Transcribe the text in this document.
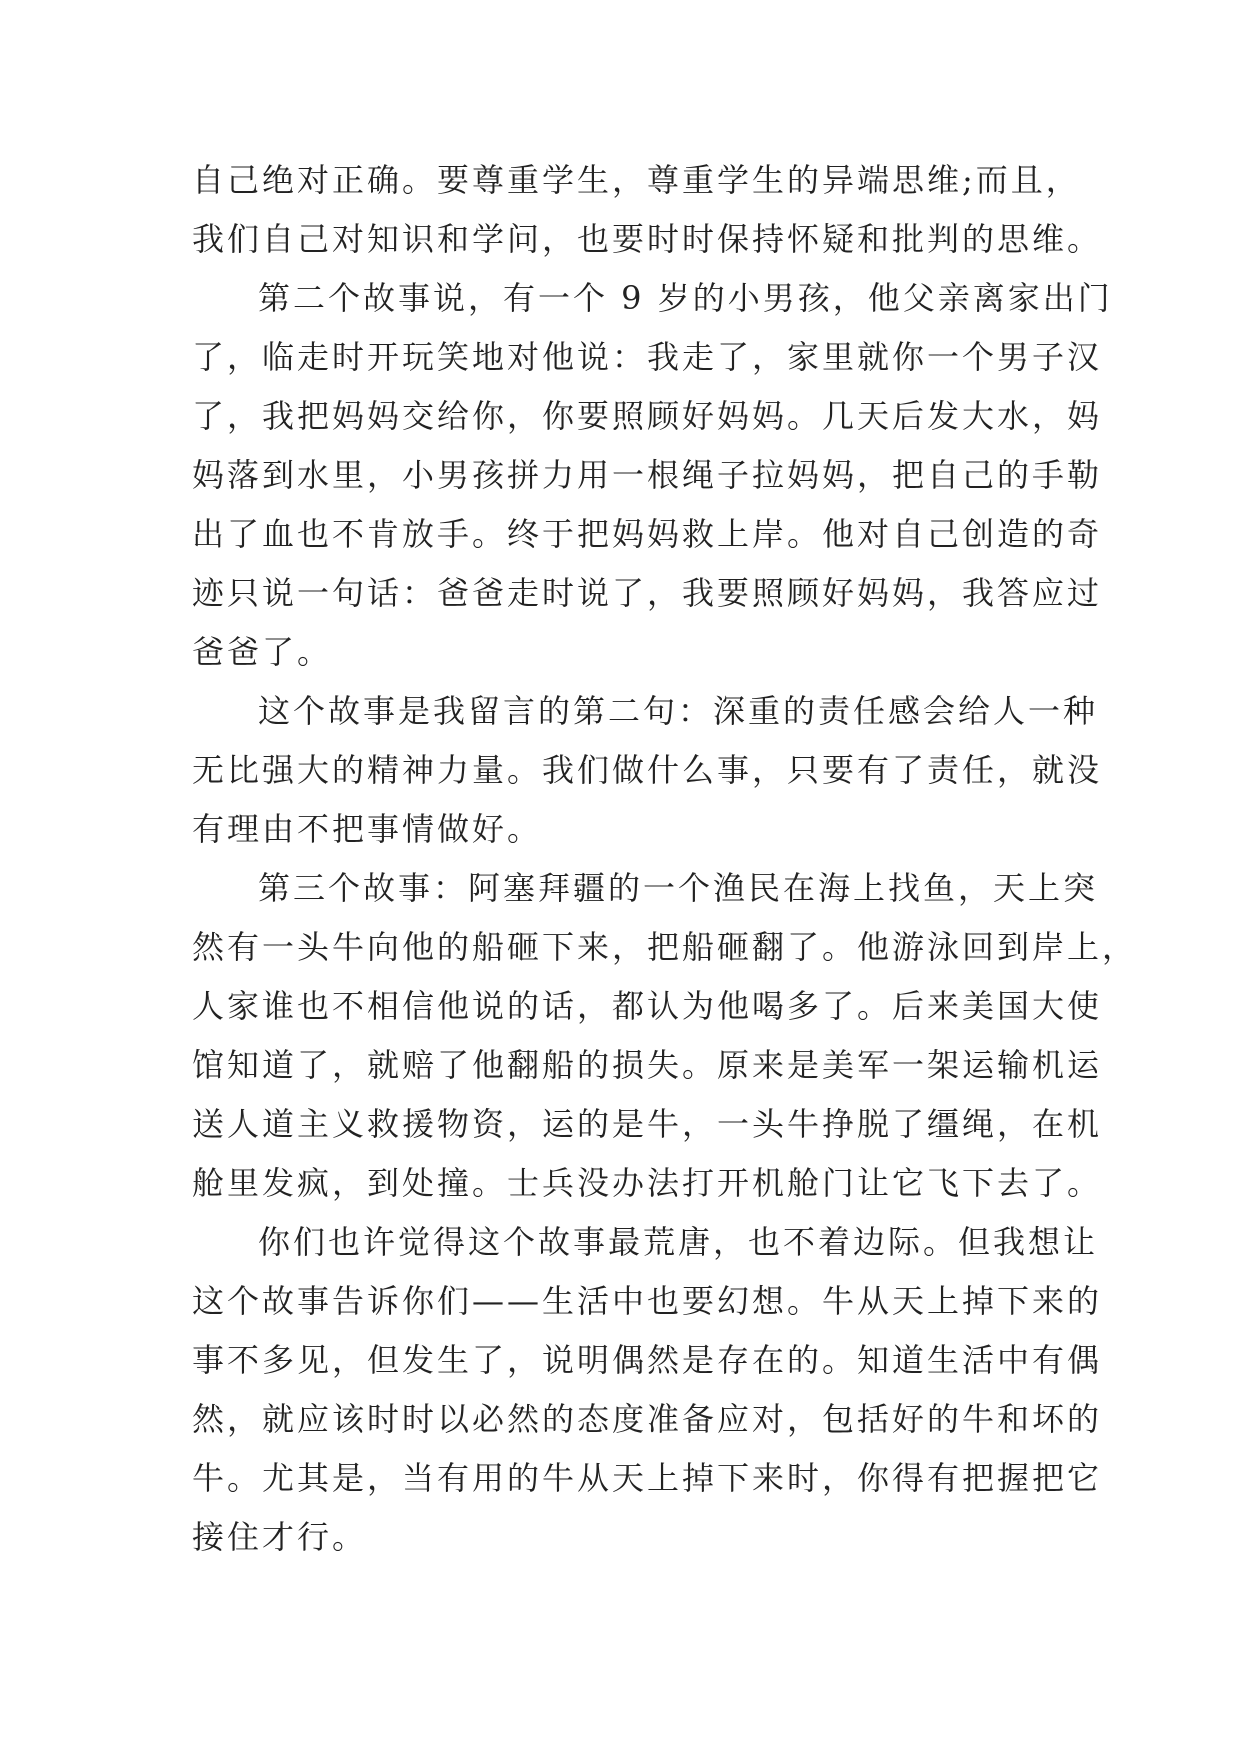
自己绝对正确。要尊重学生，尊重学生的异端思维;而且，
我们自己对知识和学问，也要时时保持怀疑和批判的思维。
第二个故事说，有一个 9 岁的小男孩，他父亲离家出门
了，临走时开玩笑地对他说：我走了，家里就你一个男子汉
了，我把妈妈交给你，你要照顾好妈妈。几天后发大水，妈
妈落到水里，小男孩拼力用一根绳子拉妈妈，把自己的手勒
出了血也不肯放手。终于把妈妈救上岸。他对自己创造的奇
迹只说一句话：爸爸走时说了，我要照顾好妈妈，我答应过
爸爸了。
这个故事是我留言的第二句：深重的责任感会给人一种
无比强大的精神力量。我们做什么事，只要有了责任，就没
有理由不把事情做好。
第三个故事：阿塞拜疆的一个渔民在海上找鱼，天上突
然有一头牛向他的船砸下来，把船砸翻了。他游泳回到岸上，
人家谁也不相信他说的话，都认为他喝多了。后来美国大使
馆知道了，就赔了他翻船的损失。原来是美军一架运输机运
送人道主义救援物资，运的是牛，一头牛挣脱了缰绳，在机
舱里发疯，到处撞。士兵没办法打开机舱门让它飞下去了。
你们也许觉得这个故事最荒唐，也不着边际。但我想让
这个故事告诉你们——生活中也要幻想。牛从天上掉下来的
事不多见，但发生了，说明偶然是存在的。知道生活中有偶
然，就应该时时以必然的态度准备应对，包括好的牛和坏的
牛。尤其是，当有用的牛从天上掉下来时，你得有把握把它
接住才行。
